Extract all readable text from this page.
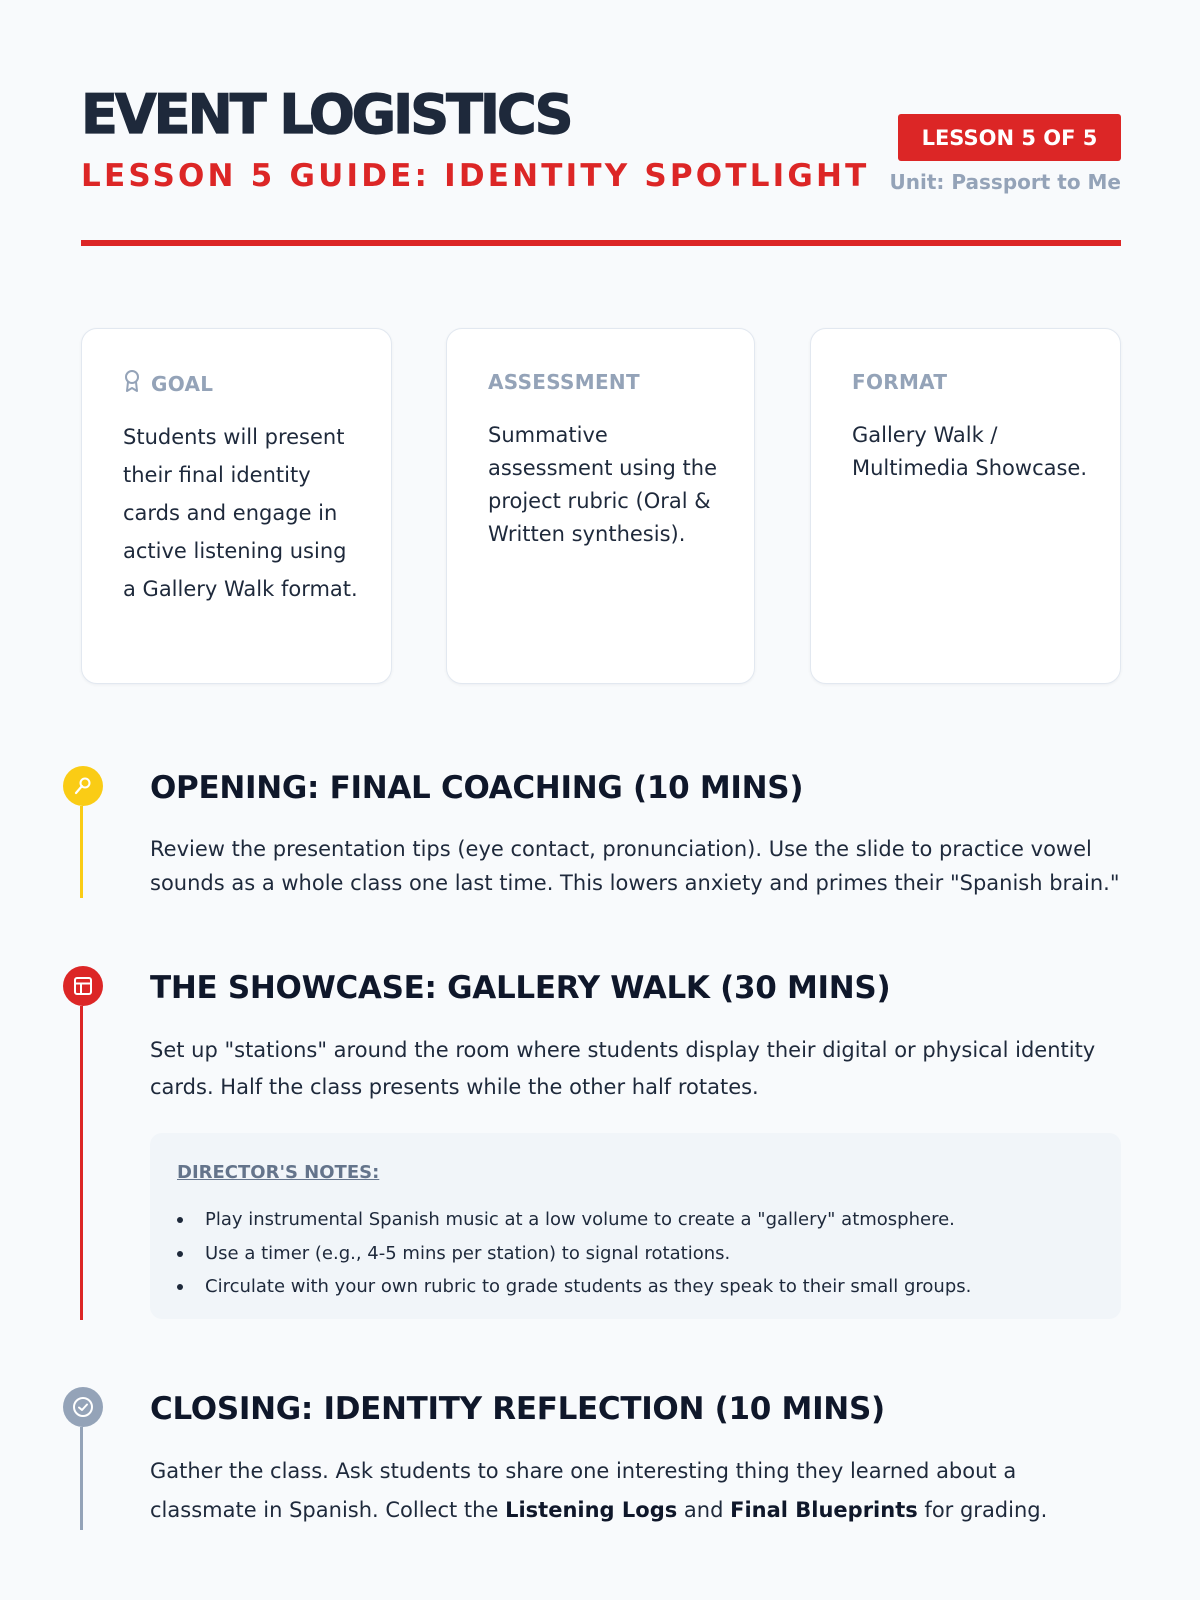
EVENT LOGISTICS
LESSON 5 GUIDE: IDENTITY SPOTLIGHT
LESSON 5 OF 5
Unit: Passport to Me
GOAL
Students will present their final identity cards and engage in active listening using a Gallery Walk format.
ASSESSMENT
Summative assessment using the project rubric (Oral & Written synthesis).
FORMAT
Gallery Walk / Multimedia Showcase.
OPENING: FINAL COACHING (10 MINS)
Review the presentation tips (eye contact, pronunciation). Use the slide to practice vowel sounds as a whole class one last time. This lowers anxiety and primes their "Spanish brain."
THE SHOWCASE: GALLERY WALK (30 MINS)
Set up "stations" around the room where students display their digital or physical identity cards. Half the class presents while the other half rotates.
DIRECTOR'S NOTES:
Play instrumental Spanish music at a low volume to create a "gallery" atmosphere.
Use a timer (e.g., 4-5 mins per station) to signal rotations.
Circulate with your own rubric to grade students as they speak to their small groups.
CLOSING: IDENTITY REFLECTION (10 MINS)
Gather the class. Ask students to share one interesting thing they learned about a classmate in Spanish. Collect the Listening Logs and Final Blueprints for grading.
